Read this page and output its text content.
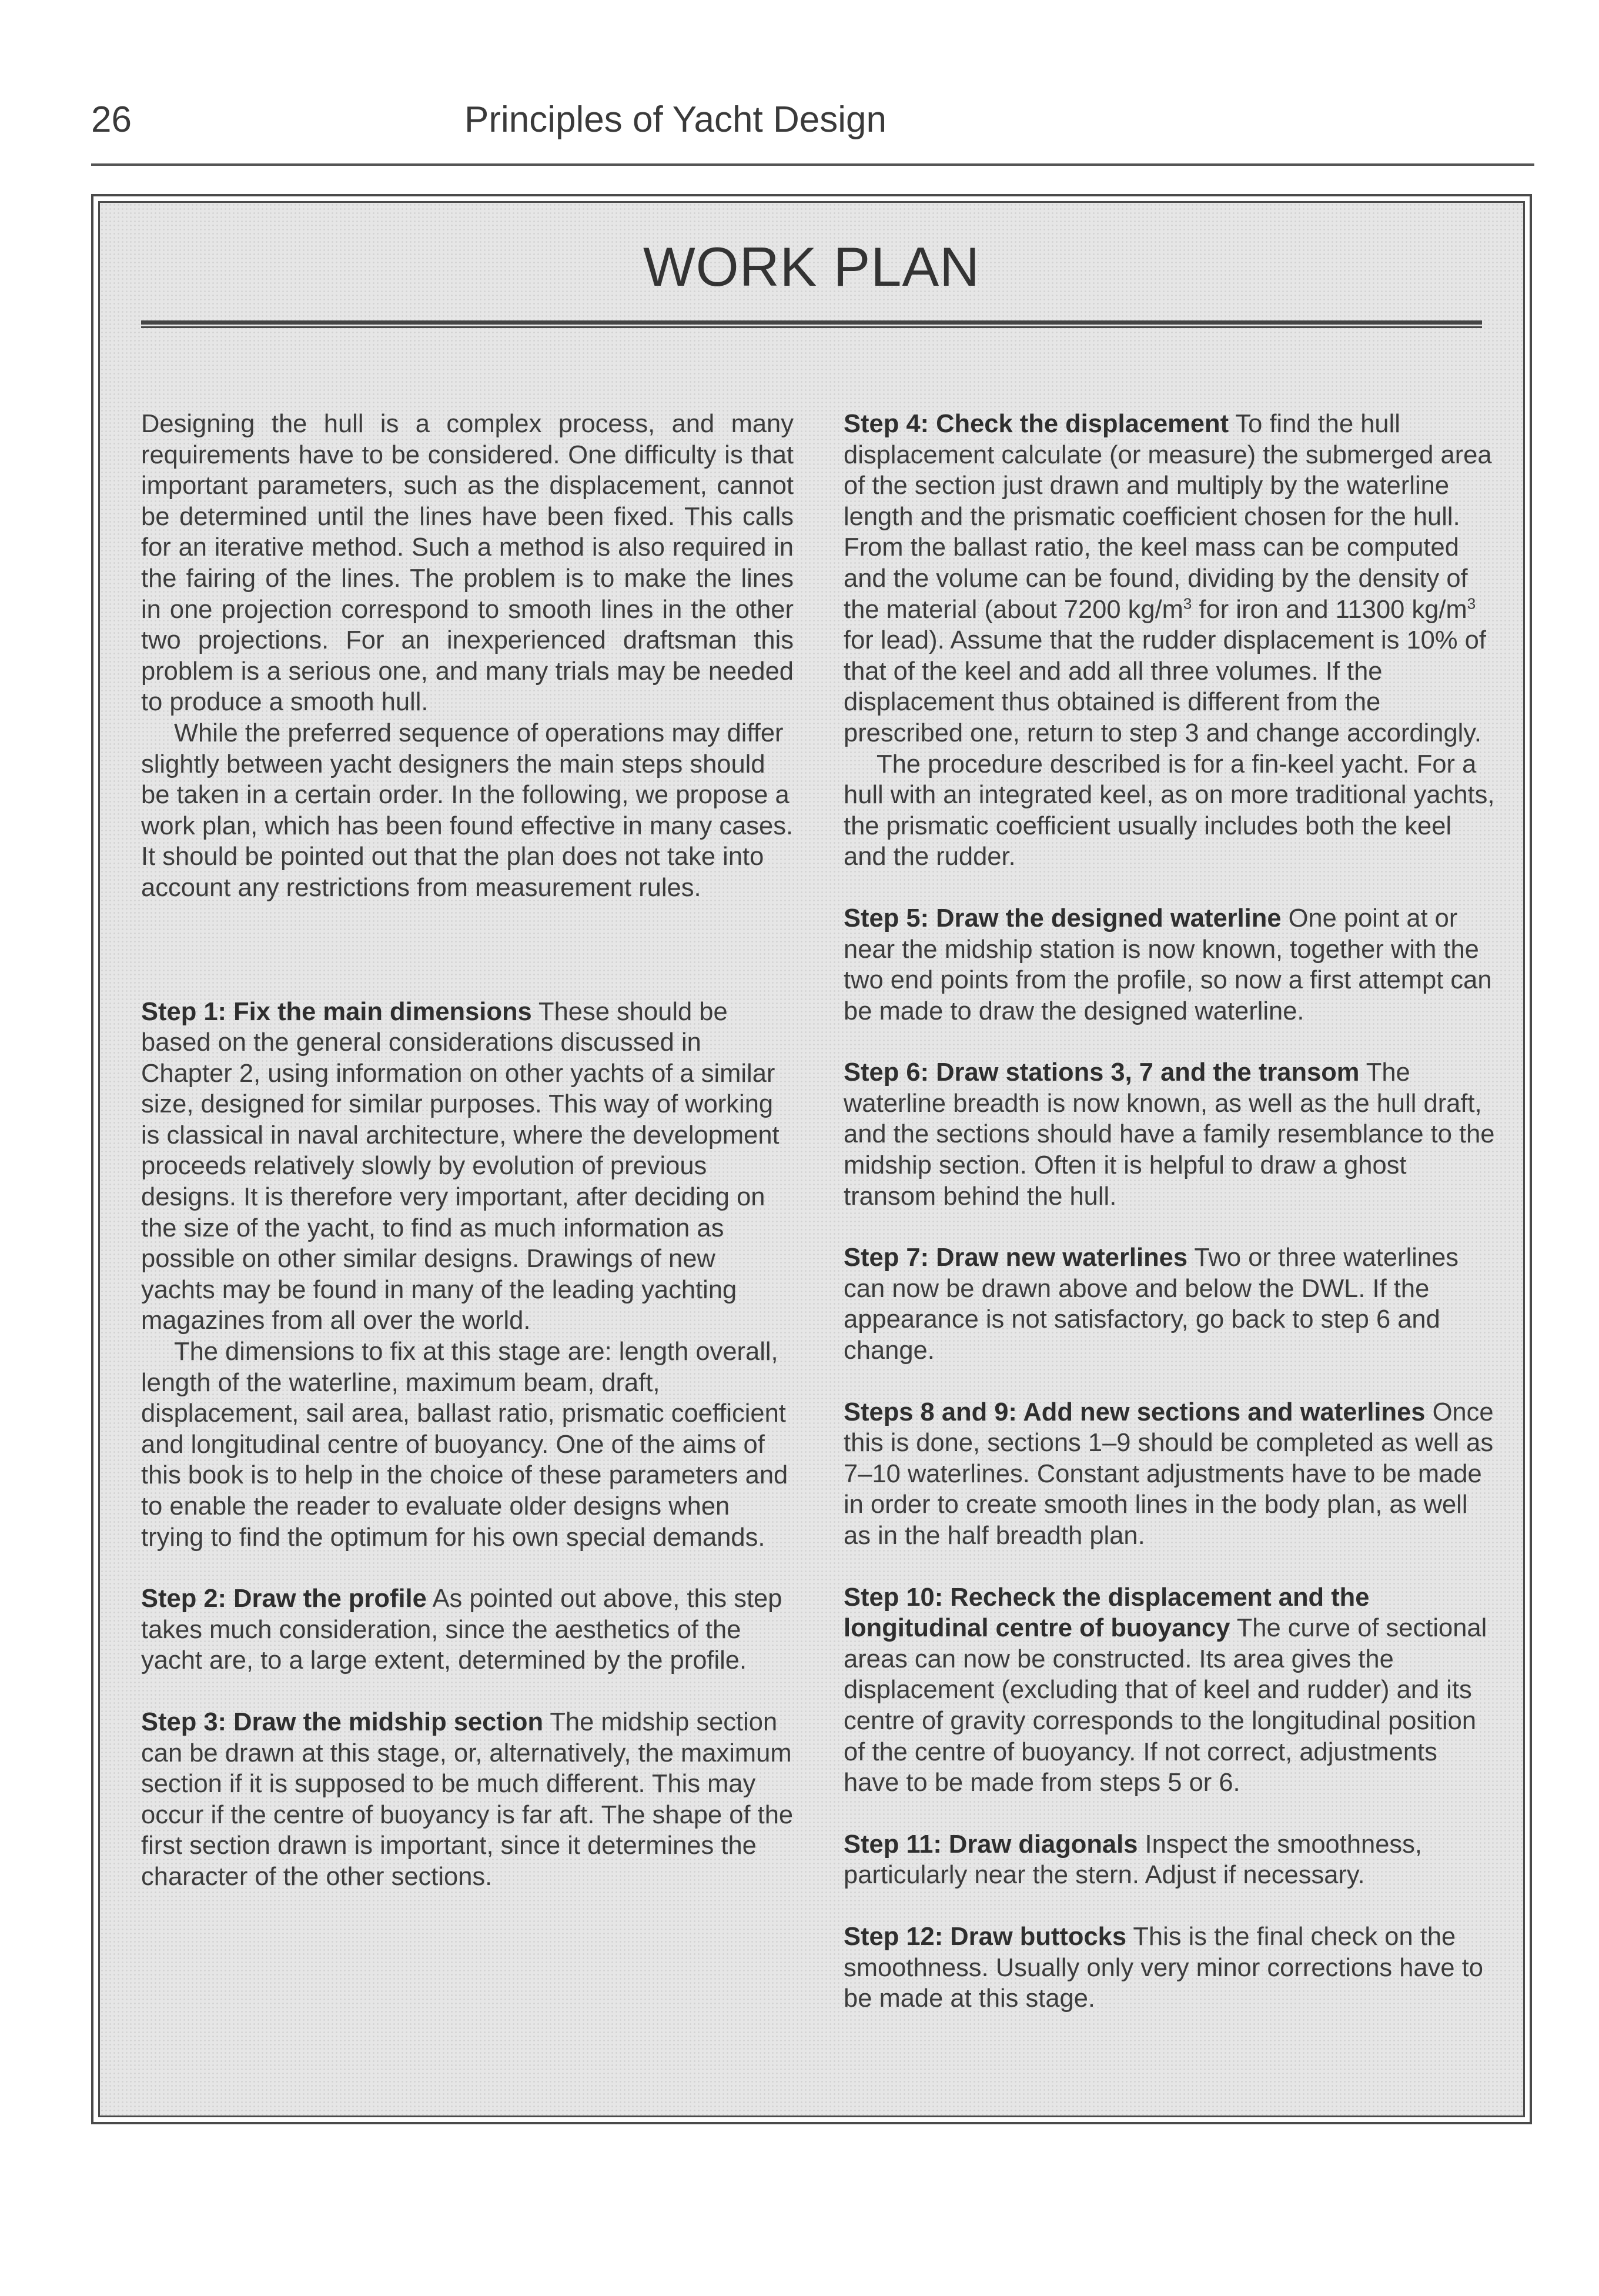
26	Principles of Yacht Design
WORK PLAN

Designing the hull is a complex process, and many requirements have to be considered. One difficulty is that important parameters, such as the displacement, cannot be determined until the lines have been fixed. This calls for an iterative method. Such a method is also required in the fairing of the lines. The problem is to make the lines in one projection correspond to smooth lines in the other two projections. For an inexperienced draftsman this problem is a serious one, and many trials may be needed to produce a smooth hull.

While the preferred sequence of operations may differ slightly between yacht designers the main steps should be taken in a certain order. In the following, we propose a work plan, which has been found effective in many cases. It should be pointed out that the plan does not take into account any restrictions from measurement rules.

Step 1: Fix the main dimensions These should be based on the general considerations discussed in Chapter 2, using information on other yachts of a similar size, designed for similar purposes. This way of working is classical in naval architecture, where the development proceeds relatively slowly by evolution of previous designs. It is therefore very important, after deciding on the size of the yacht, to find as much information as possible on other similar designs. Drawings of new yachts may be found in many of the leading yachting magazines from all over the world.

The dimensions to fix at this stage are: length overall, length of the waterline, maximum beam, draft, displacement, sail area, ballast ratio, prismatic coefficient and longitudinal centre of buoyancy. One of the aims of this book is to help in the choice of these parameters and to enable the reader to evaluate older designs when trying to find the optimum for his own special demands.

Step 2: Draw the profile As pointed out above, this step takes much consideration, since the aesthetics of the yacht are, to a large extent, determined by the profile.

Step 3: Draw the midship section The midship section can be drawn at this stage, or, alternatively, the maximum section if it is supposed to be much different. This may occur if the centre of buoyancy is far aft. The shape of the first section drawn is important, since it determines the character of the other sections.

Step 4: Check the displacement To find the hull displacement calculate (or measure) the submerged area of the section just drawn and multiply by the waterline length and the prismatic coefficient chosen for the hull. From the ballast ratio, the keel mass can be computed and the volume can be found, dividing by the density of the material (about 7200 $kg/m^3$ for iron and 11300 $kg/m^3$ for lead). Assume that the rudder displacement is 10% of that of the keel and add all three volumes. If the displacement thus obtained is different from the prescribed one, return to step 3 and change accordingly.

The procedure described is for a fin-keel yacht. For a hull with an integrated keel, as on more traditional yachts, the prismatic coefficient usually includes both the keel and the rudder.

Step 5: Draw the designed waterline One point at or near the midship station is now known, together with the two end points from the profile, so now a first attempt can be made to draw the designed waterline.

Step 6: Draw stations 3, 7 and the transom The waterline breadth is now known, as well as the hull draft, and the sections should have a family resemblance to the midship section. Often it is helpful to draw a ghost transom behind the hull.

Step 7: Draw new waterlines Two or three waterlines can now be drawn above and below the DWL. If the appearance is not satisfactory, go back to step 6 and change.

Steps 8 and 9: Add new sections and waterlines Once this is done, sections 1–9 should be completed as well as 7–10 waterlines. Constant adjustments have to be made in order to create smooth lines in the body plan, as well as in the half breadth plan.

Step 10: Recheck the displacement and the longitudinal centre of buoyancy The curve of sectional areas can now be constructed. Its area gives the displacement (excluding that of keel and rudder) and its centre of gravity corresponds to the longitudinal position of the centre of buoyancy. If not correct, adjustments have to be made from steps 5 or 6.

Step 11: Draw diagonals Inspect the smoothness, particularly near the stern. Adjust if necessary.

Step 12: Draw buttocks This is the final check on the smoothness. Usually only very minor corrections have to be made at this stage.
